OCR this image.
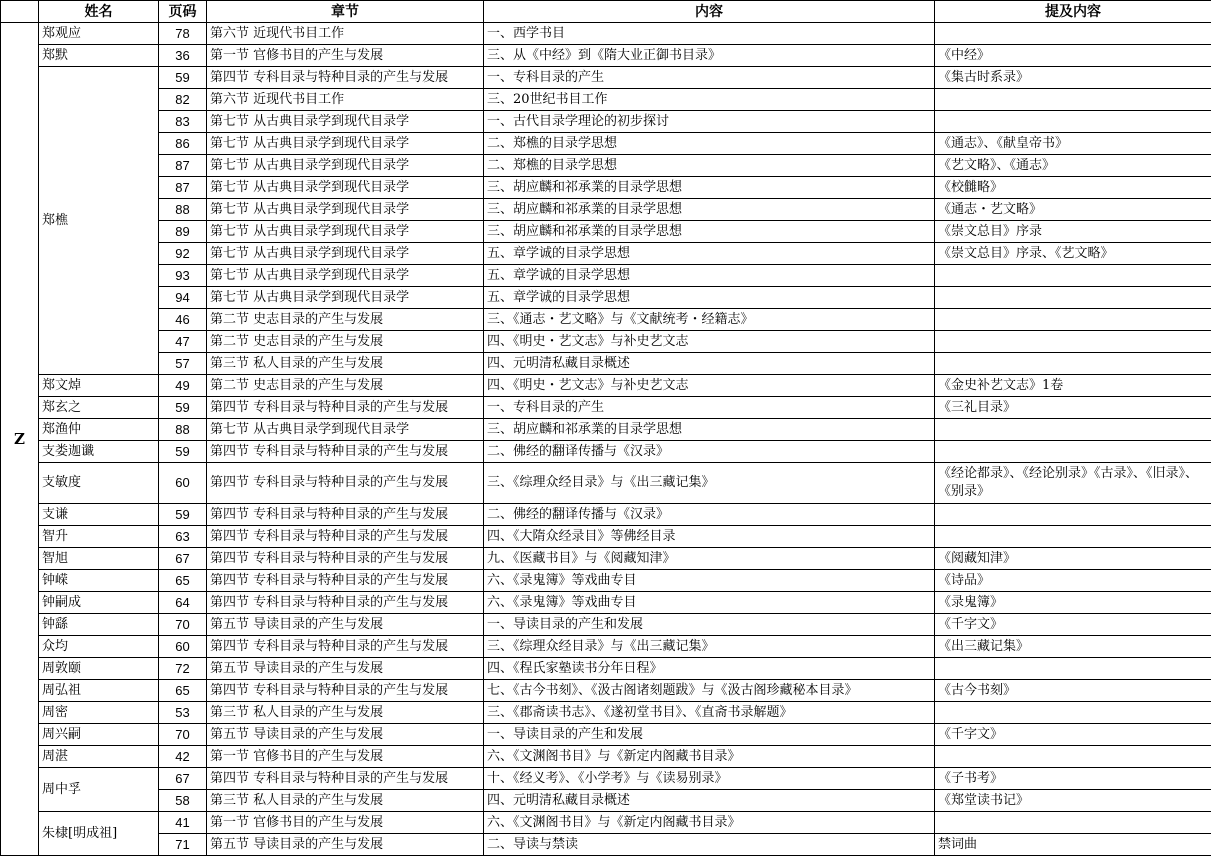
	姓名	页码	章节	内容	提及内容
Z	郑观应	78	第六节 近现代书目工作	一、西学书目	
	郑默	36	第一节 官修书目的产生与发展	三、从《中经》到《隋大业正御书目录》	《中经》
	郑樵	59	第四节 专科目录与特种目录的产生与发展	一、专科目录的产生	《集古时系录》
		82	第六节 近现代书目工作	三、20世纪书目工作	
		83	第七节 从古典目录学到现代目录学	一、古代目录学理论的初步探讨	
		86	第七节 从古典目录学到现代目录学	二、郑樵的目录学思想	《通志》、《献皇帝书》
		87	第七节 从古典目录学到现代目录学	二、郑樵的目录学思想	《艺文略》、《通志》
		87	第七节 从古典目录学到现代目录学	三、胡应麟和祁承業的目录学思想	《校雠略》
		88	第七节 从古典目录学到现代目录学	三、胡应麟和祁承業的目录学思想	《通志・艺文略》
		89	第七节 从古典目录学到现代目录学	三、胡应麟和祁承業的目录学思想	《崇文总目》序录
		92	第七节 从古典目录学到现代目录学	五、章学诚的目录学思想	《崇文总目》序录、《艺文略》
		93	第七节 从古典目录学到现代目录学	五、章学诚的目录学思想	
		94	第七节 从古典目录学到现代目录学	五、章学诚的目录学思想	
		46	第二节 史志目录的产生与发展	三、《通志・艺文略》与《文献统考・经籍志》	
		47	第二节 史志目录的产生与发展	四、《明史・艺文志》与补史艺文志	
		57	第三节 私人目录的产生与发展	四、元明清私藏目录概述	
	郑文焯	49	第二节 史志目录的产生与发展	四、《明史・艺文志》与补史艺文志	《金史补艺文志》1卷
	郑玄之	59	第四节 专科目录与特种目录的产生与发展	一、专科目录的产生	《三礼目录》
	郑渔仲	88	第七节 从古典目录学到现代目录学	三、胡应麟和祁承業的目录学思想	
	支娄迦谶	59	第四节 专科目录与特种目录的产生与发展	二、佛经的翻译传播与《汉录》	
	支敏度	60	第四节 专科目录与特种目录的产生与发展	三、《综理众经目录》与《出三藏记集》	《经论都录》、《经论别录》《古录》、《旧录》、《别录》
	支谦	59	第四节 专科目录与特种目录的产生与发展	二、佛经的翻译传播与《汉录》	
	智升	63	第四节 专科目录与特种目录的产生与发展	四、《大隋众经录目》等佛经目录	
	智旭	67	第四节 专科目录与特种目录的产生与发展	九、《医藏书目》与《阅藏知津》	《阅藏知津》
	钟嵘	65	第四节 专科目录与特种目录的产生与发展	六、《录鬼簿》等戏曲专目	《诗品》
	钟嗣成	64	第四节 专科目录与特种目录的产生与发展	六、《录鬼簿》等戏曲专目	《录鬼簿》
	钟繇	70	第五节 导读目录的产生与发展	一、导读目录的产生和发展	《千字文》
	众均	60	第四节 专科目录与特种目录的产生与发展	三、《综理众经目录》与《出三藏记集》	《出三藏记集》
	周敦颐	72	第五节 导读目录的产生与发展	四、《程氏家塾读书分年日程》	
	周弘祖	65	第四节 专科目录与特种目录的产生与发展	七、《古今书刻》、《汲古阁诸刻题跋》与《汲古阁珍藏秘本目录》	《古今书刻》
	周密	53	第三节 私人目录的产生与发展	三、《郡斋读书志》、《遂初堂书目》、《直斋书录解题》	
	周兴嗣	70	第五节 导读目录的产生与发展	一、导读目录的产生和发展	《千字文》
	周湛	42	第一节 官修书目的产生与发展	六、《文渊阁书目》与《新定内阁藏书目录》	
	周中孚	67	第四节 专科目录与特种目录的产生与发展	十、《经义考》、《小学考》与《读易别录》	《子书考》
		58	第三节 私人目录的产生与发展	四、元明清私藏目录概述	《郑堂读书记》
	朱棣[明成祖]	41	第一节 官修书目的产生与发展	六、《文渊阁书目》与《新定内阁藏书目录》	
		71	第五节 导读目录的产生与发展	二、导读与禁读	禁词曲
